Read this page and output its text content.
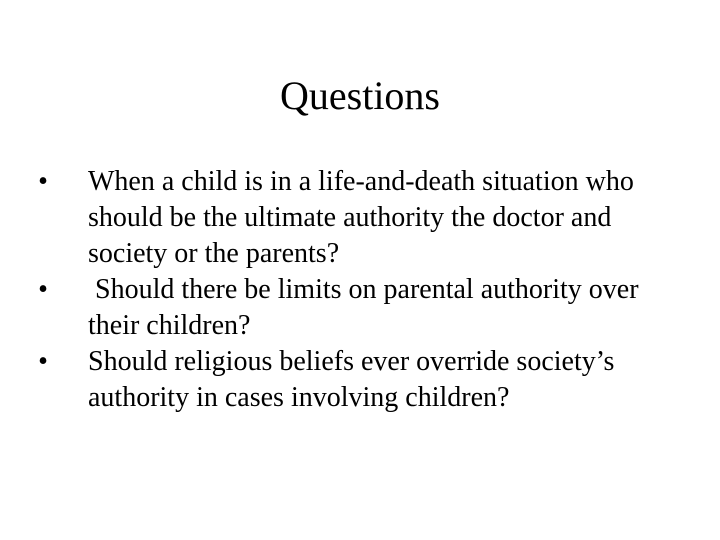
Questions
• When a child is in a life-and-death situation who should be the ultimate authority the doctor and society or the parents?
• Should there be limits on parental authority over their children?
• Should religious beliefs ever override society’s authority in cases involving children?
